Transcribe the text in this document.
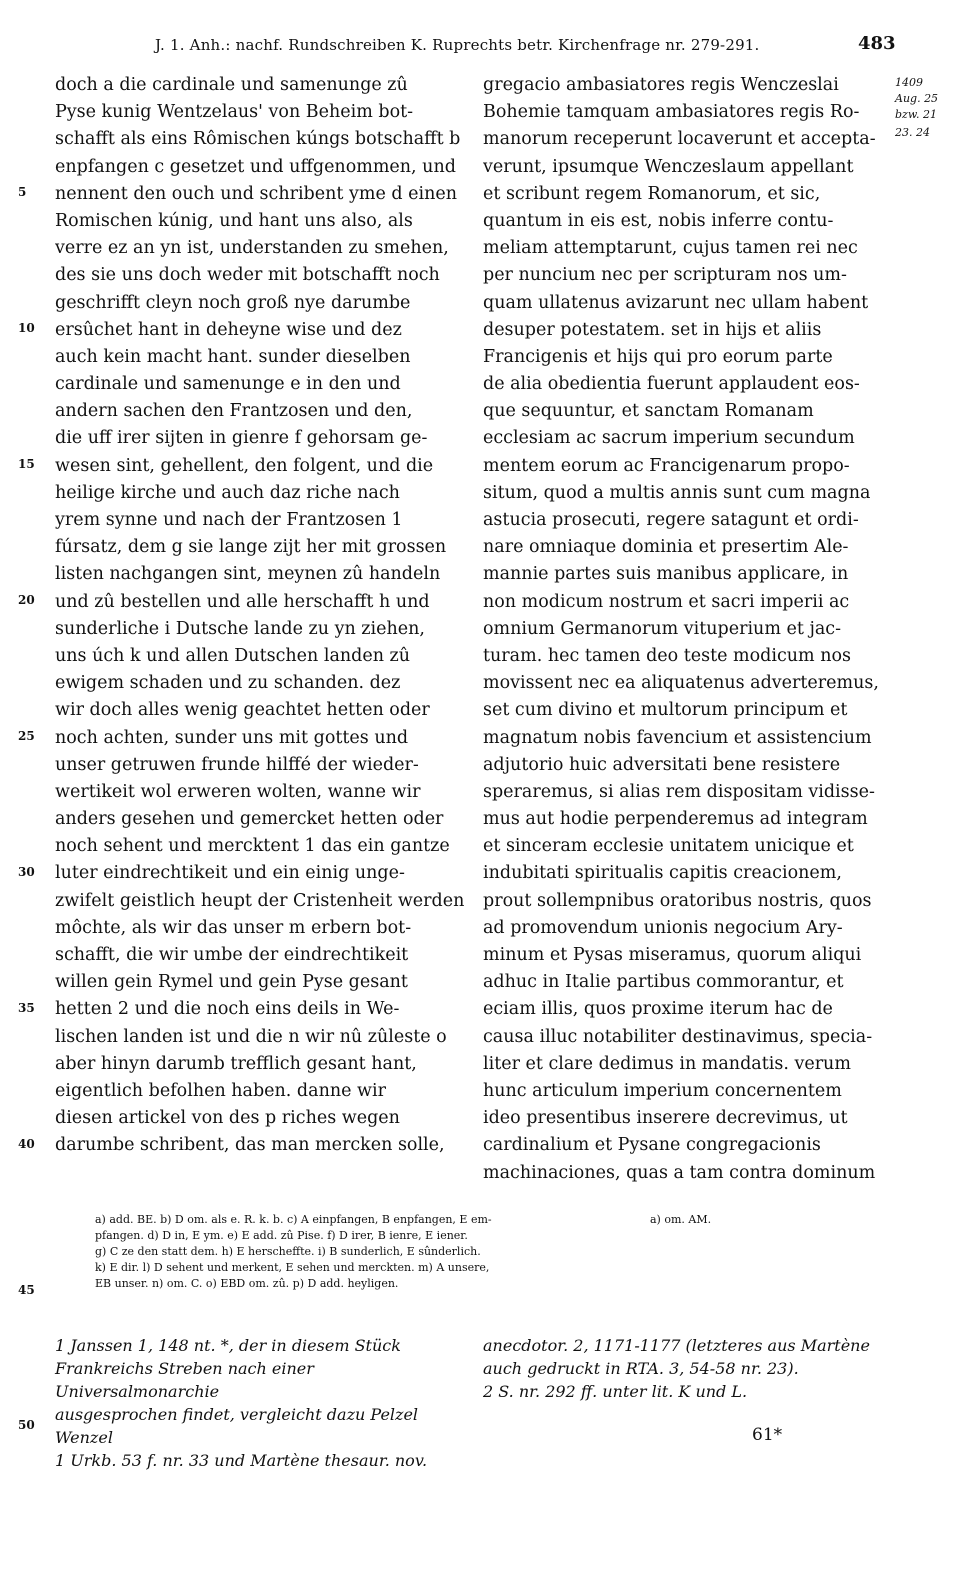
J. 1. Anh.: nachf. Rundschreiben K. Ruprechts betr. Kirchenfrage nr. 279-291.	483
doch a die cardinale und samenunge zû
Pyse kunig Wentzelaus' von Beheim bot-
schafft als eins Rômischen kúngs botschafft b
enpfangen c gesetzet und uffgenommen, und
nennent den ouch und schribent yme d einen
Romischen kúnig, und hant uns also, als
verre ez an yn ist, understanden zu smehen,
des sie uns doch weder mit botschafft noch
geschrifft cleyn noch groß nye darumbe
ersûchet hant in deheyne wise und dez
auch kein macht hant. sunder dieselben
cardinale und samenunge e in den und
andern sachen den Frantzosen und den,
die uff irer sijten in gienre f gehorsam ge-
wesen sint, gehellent, den folgent, und die
heilige kirche und auch daz riche nach
yrem synne und nach der Frantzosen 1
fúrsatz, dem g sie lange zijt her mit grossen
listen nachgangen sint, meynen zû handeln
und zû bestellen und alle herschafft h und
sunderliche i Dutsche lande zu yn ziehen,
uns úch k und allen Dutschen landen zû
ewigem schaden und zu schanden. dez
wir doch alles wenig geachtet hetten oder
noch achten, sunder uns mit gottes und
unser getruwen frunde hilffé der wieder-
wertikeit wol erweren wolten, wanne wir
anders gesehen und gemercket hetten oder
noch sehent und mercktent 1 das ein gantze
luter eindrechtikeit und ein einig unge-
zwifelt geistlich heupt der Cristenheit werden
môchte, als wir das unser m erbern bot-
schafft, die wir umbe der eindrechtikeit
willen gein Rymel und gein Pyse gesant
hetten 2 und die noch eins deils in We-
lischen landen ist und die n wir nû zûleste o
aber hinyn darumb trefflich gesant hant,
eigentlich befolhen haben. danne wir
diesen artickel von des p riches wegen
darumbe schribent, das man mercken solle,
gregacio ambasiatores regis Wenczeslai
Bohemie tamquam ambasiatores regis Ro-
manorum receperunt locaverunt et accepta-
verunt, ipsumque Wenczeslaum appellant
et scribunt regem Romanorum, et sic,
quantum in eis est, nobis inferre contu-
meliam attemptarunt, cujus tamen rei nec
per nuncium nec per scripturam nos um-
quam ullatenus avizarunt nec ullam habent
desuper potestatem. set in hijs et aliis
Francigenis et hijs qui pro eorum parte
de alia obedientia fuerunt applaudent eos-
que sequuntur, et sanctam Romanam
ecclesiam ac sacrum imperium secundum
mentem eorum ac Francigenarum propo-
situm, quod a multis annis sunt cum magna
astucia prosecuti, regere satagunt et ordi-
nare omniaque dominia et presertim Ale-
mannie partes suis manibus applicare, in
non modicum nostrum et sacri imperii ac
omnium Germanorum vituperium et jac-
turam. hec tamen deo teste modicum nos
movissent nec ea aliquatenus adverteremus,
set cum divino et multorum principum et
magnatum nobis favencium et assistencium
adjutorio huic adversitati bene resistere
speraremus, si alias rem dispositam vidisse-
mus aut hodie perpenderemus ad integram
et sinceram ecclesie unitatem unicique et
indubitati spiritualis capitis creacionem,
prout sollempnibus oratoribus nostris, quos
ad promovendum unionis negocium Ary-
minum et Pysas miseramus, quorum aliqui
adhuc in Italie partibus commorantur, et
eciam illis, quos proxime iterum hac de
causa illuc notabiliter destinavimus, specia-
liter et clare dedimus in mandatis. verum
hunc articulum imperium concernentem
ideo presentibus inserere decrevimus, ut
cardinalium et Pysane congregacionis
machinaciones, quas a tam contra dominum
5
10
15
20
25
30
35
40
45
50
1409
Aug. 25
bzw. 21
23. 24
a) add. BE. b) D om. als e. R. k. b. c) A einpfangen, B enpfangen, E em-
pfangen. d) D in, E ym. e) E add. zû Pise. f) D irer, B ienre, E iener.
g) C ze den statt dem. h) E herscheffte. i) B sunderlich, E sûnderlich.
k) E dir. l) D sehent und merkent, E sehen und merckten. m) A unsere,
EB unser. n) om. C. o) EBD om. zû. p) D add. heyligen.
a) om. AM.
1 Janssen 1, 148 nt. *, der in diesem Stück
Frankreichs Streben nach einer Universalmonarchie
ausgesprochen findet, vergleicht dazu Pelzel Wenzel
1 Urkb. 53 f. nr. 33 und Martène thesaur. nov.
anecdotor. 2, 1171-1177 (letzteres aus Martène
auch gedruckt in RTA. 3, 54-58 nr. 23).
2 S. nr. 292 ff. unter lit. K und L.
61*
